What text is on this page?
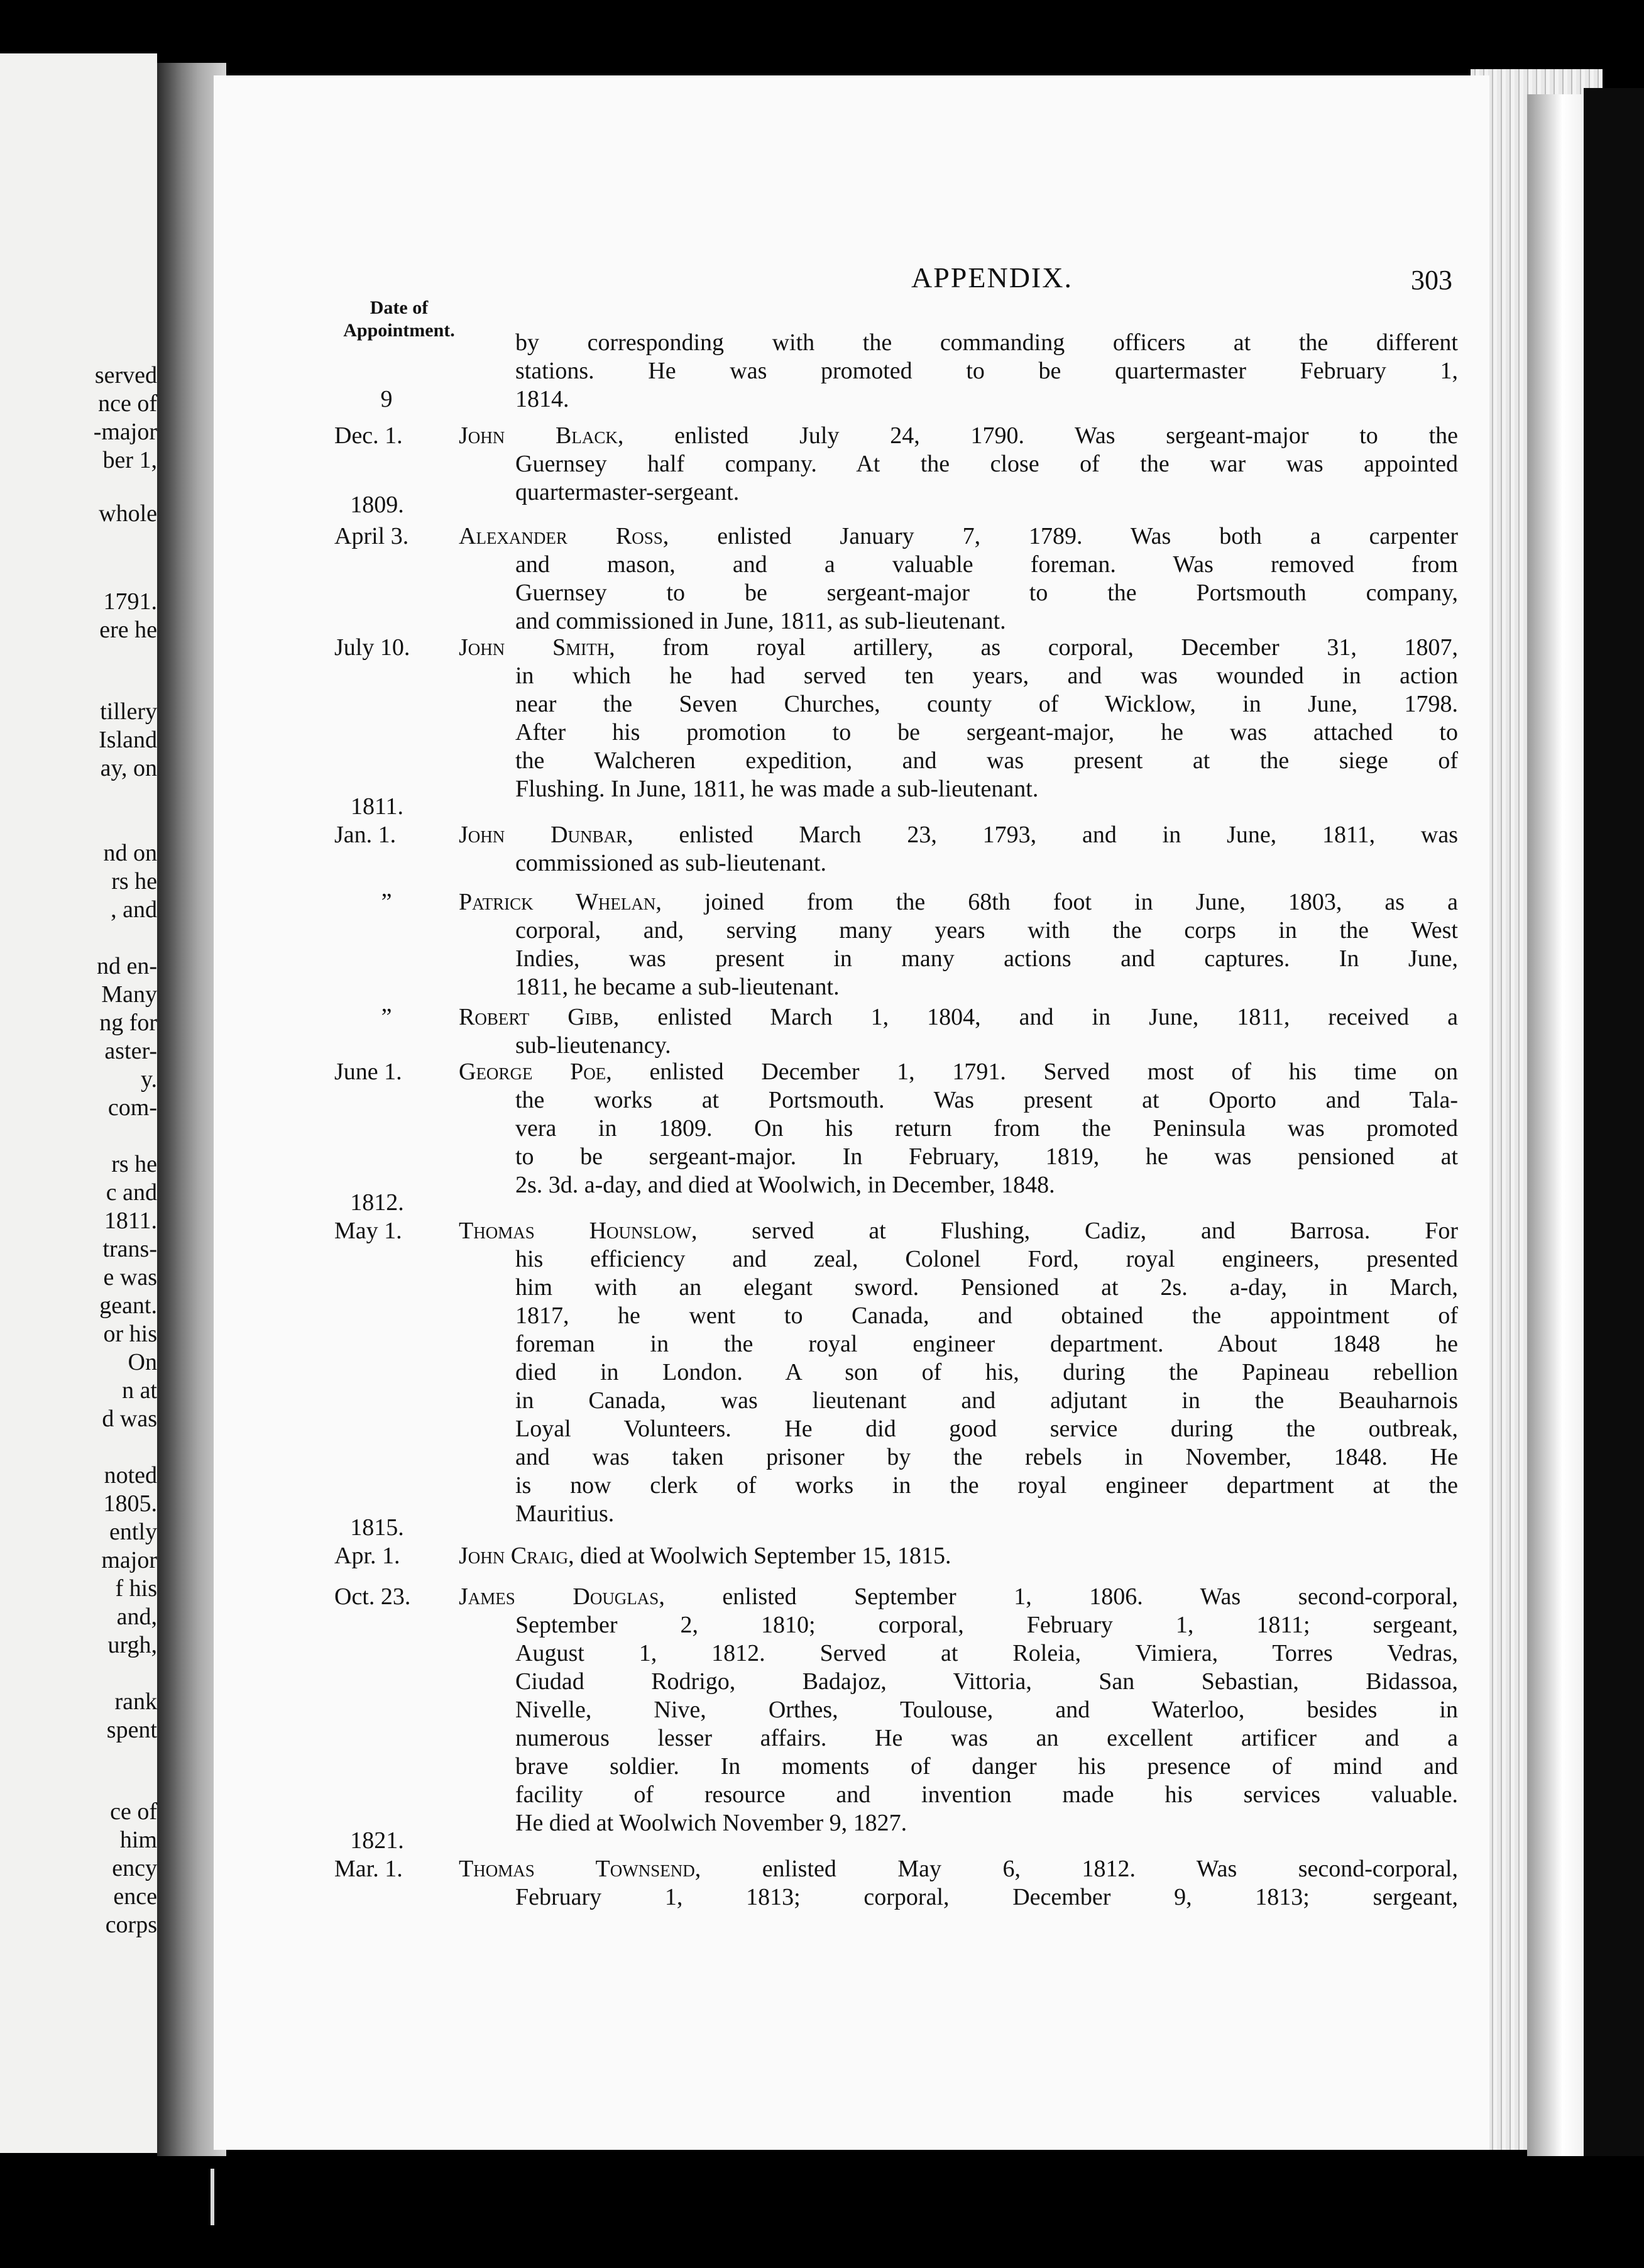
served
nce of
-major
ber 1,
whole
1791.
ere he
tillery
Island
ay, on
nd on
rs he
, and
nd en-
Many
ng for
aster-
y.
com-
rs he
c and
1811.
trans-
e was
geant.
or his
On
n at
d was
noted
1805.
ently
major
f his
and,
urgh,
rank
spent
ce of
him
ency
ence
corps
APPENDIX.	303
Date of
Appointment.	by corresponding with the commanding officers at the different
stations. He was promoted to be quartermaster February 1,
9	1814.
Dec. 1.	John Black, enlisted July 24, 1790. Was sergeant-major to the
Guernsey half company. At the close of the war was appointed
quartermaster-sergeant.
1809.
April 3.	Alexander Ross, enlisted January 7, 1789. Was both a carpenter
and mason, and a valuable foreman. Was removed from
Guernsey to be sergeant-major to the Portsmouth company,
and commissioned in June, 1811, as sub-lieutenant.
July 10.	John Smith, from royal artillery, as corporal, December 31, 1807,
in which he had served ten years, and was wounded in action
near the Seven Churches, county of Wicklow, in June, 1798.
After his promotion to be sergeant-major, he was attached to
the Walcheren expedition, and was present at the siege of
Flushing. In June, 1811, he was made a sub-lieutenant.
1811.
Jan. 1.	John Dunbar, enlisted March 23, 1793, and in June, 1811, was
commissioned as sub-lieutenant.
”	Patrick Whelan, joined from the 68th foot in June, 1803, as a
corporal, and, serving many years with the corps in the West
Indies, was present in many actions and captures. In June,
1811, he became a sub-lieutenant.
”	Robert Gibb, enlisted March 1, 1804, and in June, 1811, received a
sub-lieutenancy.
June 1.	George Poe, enlisted December 1, 1791. Served most of his time on
the works at Portsmouth. Was present at Oporto and Tala-
vera in 1809. On his return from the Peninsula was promoted
to be sergeant-major. In February, 1819, he was pensioned at
2s. 3d. a-day, and died at Woolwich, in December, 1848.
1812.
May 1.	Thomas Hounslow, served at Flushing, Cadiz, and Barrosa. For
his efficiency and zeal, Colonel Ford, royal engineers, presented
him with an elegant sword. Pensioned at 2s. a-day, in March,
1817, he went to Canada, and obtained the appointment of
foreman in the royal engineer department. About 1848 he
died in London. A son of his, during the Papineau rebellion
in Canada, was lieutenant and adjutant in the Beauharnois
Loyal Volunteers. He did good service during the outbreak,
and was taken prisoner by the rebels in November, 1848. He
is now clerk of works in the royal engineer department at the
Mauritius.
1815.
Apr. 1.	John Craig, died at Woolwich September 15, 1815.
Oct. 23.	James Douglas, enlisted September 1, 1806. Was second-corporal,
September 2, 1810; corporal, February 1, 1811; sergeant,
August 1, 1812. Served at Roleia, Vimiera, Torres Vedras,
Ciudad Rodrigo, Badajoz, Vittoria, San Sebastian, Bidassoa,
Nivelle, Nive, Orthes, Toulouse, and Waterloo, besides in
numerous lesser affairs. He was an excellent artificer and a
brave soldier. In moments of danger his presence of mind and
facility of resource and invention made his services valuable.
He died at Woolwich November 9, 1827.
1821.
Mar. 1.	Thomas Townsend, enlisted May 6, 1812. Was second-corporal,
February 1, 1813; corporal, December 9, 1813; sergeant,
